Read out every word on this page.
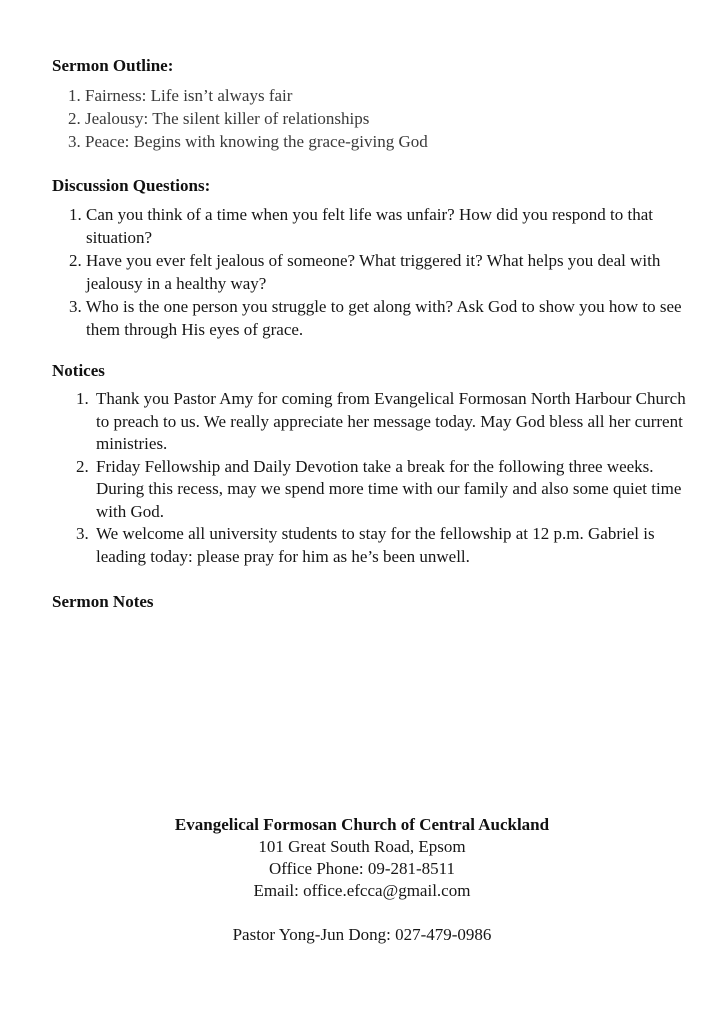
Sermon Outline:
1. Fairness: Life isn’t always fair
2. Jealousy: The silent killer of relationships
3. Peace: Begins with knowing the grace-giving God
Discussion Questions:
1. Can you think of a time when you felt life was unfair? How did you respond to that situation?
2. Have you ever felt jealous of someone? What triggered it? What helps you deal with jealousy in a healthy way?
3. Who is the one person you struggle to get along with? Ask God to show you how to see them through His eyes of grace.
Notices
1. Thank you Pastor Amy for coming from Evangelical Formosan North Harbour Church to preach to us. We really appreciate her message today. May God bless all her current ministries.
2. Friday Fellowship and Daily Devotion take a break for the following three weeks. During this recess, may we spend more time with our family and also some quiet time with God.
3. We welcome all university students to stay for the fellowship at 12 p.m. Gabriel is leading today: please pray for him as he’s been unwell.
Sermon Notes
Evangelical Formosan Church of Central Auckland
101 Great South Road, Epsom
Office Phone: 09-281-8511
Email: office.efcca@gmail.com
Pastor Yong-Jun Dong: 027-479-0986
